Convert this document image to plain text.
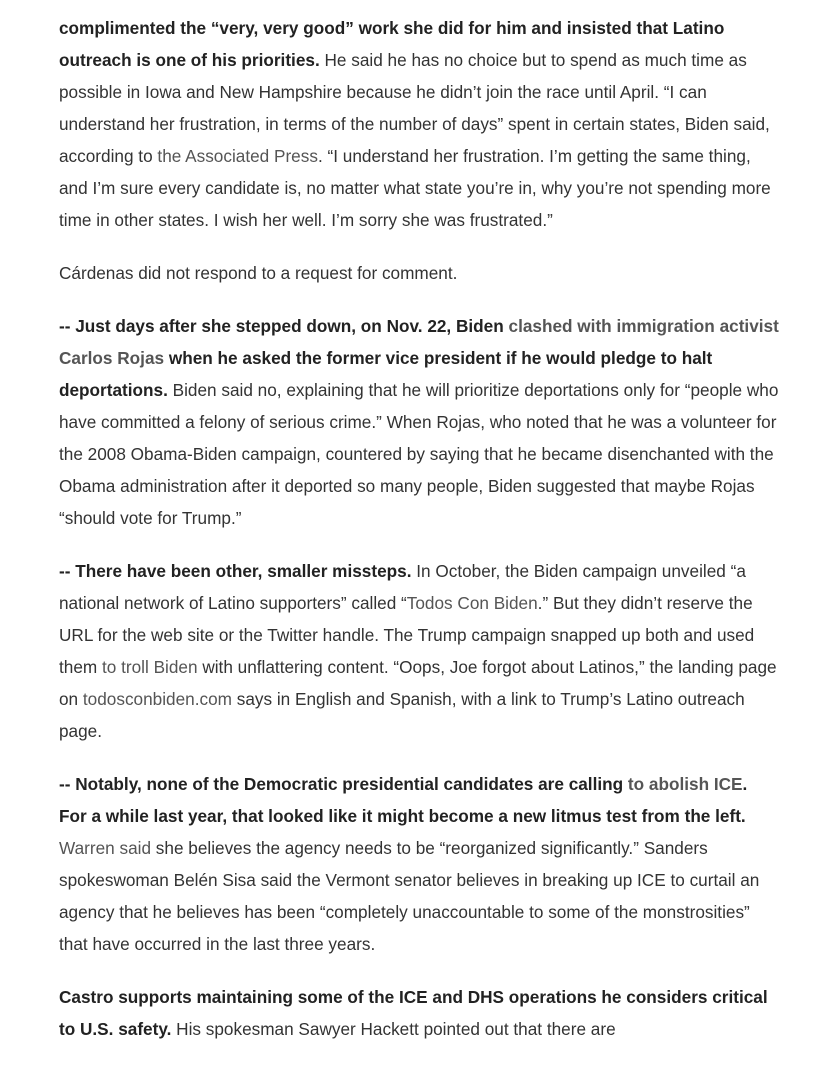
complimented the “very, very good” work she did for him and insisted that Latino outreach is one of his priorities. He said he has no choice but to spend as much time as possible in Iowa and New Hampshire because he didn’t join the race until April. “I can understand her frustration, in terms of the number of days” spent in certain states, Biden said, according to the Associated Press. “I understand her frustration. I’m getting the same thing, and I’m sure every candidate is, no matter what state you’re in, why you’re not spending more time in other states. I wish her well. I’m sorry she was frustrated.”

Cárdenas did not respond to a request for comment.

-- Just days after she stepped down, on Nov. 22, Biden clashed with immigration activist Carlos Rojas when he asked the former vice president if he would pledge to halt deportations. Biden said no, explaining that he will prioritize deportations only for “people who have committed a felony of serious crime.” When Rojas, who noted that he was a volunteer for the 2008 Obama-Biden campaign, countered by saying that he became disenchanted with the Obama administration after it deported so many people, Biden suggested that maybe Rojas “should vote for Trump.”

-- There have been other, smaller missteps. In October, the Biden campaign unveiled “a national network of Latino supporters” called “Todos Con Biden.” But they didn’t reserve the URL for the web site or the Twitter handle. The Trump campaign snapped up both and used them to troll Biden with unflattering content. “Oops, Joe forgot about Latinos,” the landing page on todosconbiden.com says in English and Spanish, with a link to Trump’s Latino outreach page.

-- Notably, none of the Democratic presidential candidates are calling to abolish ICE. For a while last year, that looked like it might become a new litmus test from the left. Warren said she believes the agency needs to be “reorganized significantly.” Sanders spokeswoman Belén Sisa said the Vermont senator believes in breaking up ICE to curtail an agency that he believes has been “completely unaccountable to some of the monstrosities” that have occurred in the last three years.

Castro supports maintaining some of the ICE and DHS operations he considers critical to U.S. safety. His spokesman Sawyer Hackett pointed out that there are
